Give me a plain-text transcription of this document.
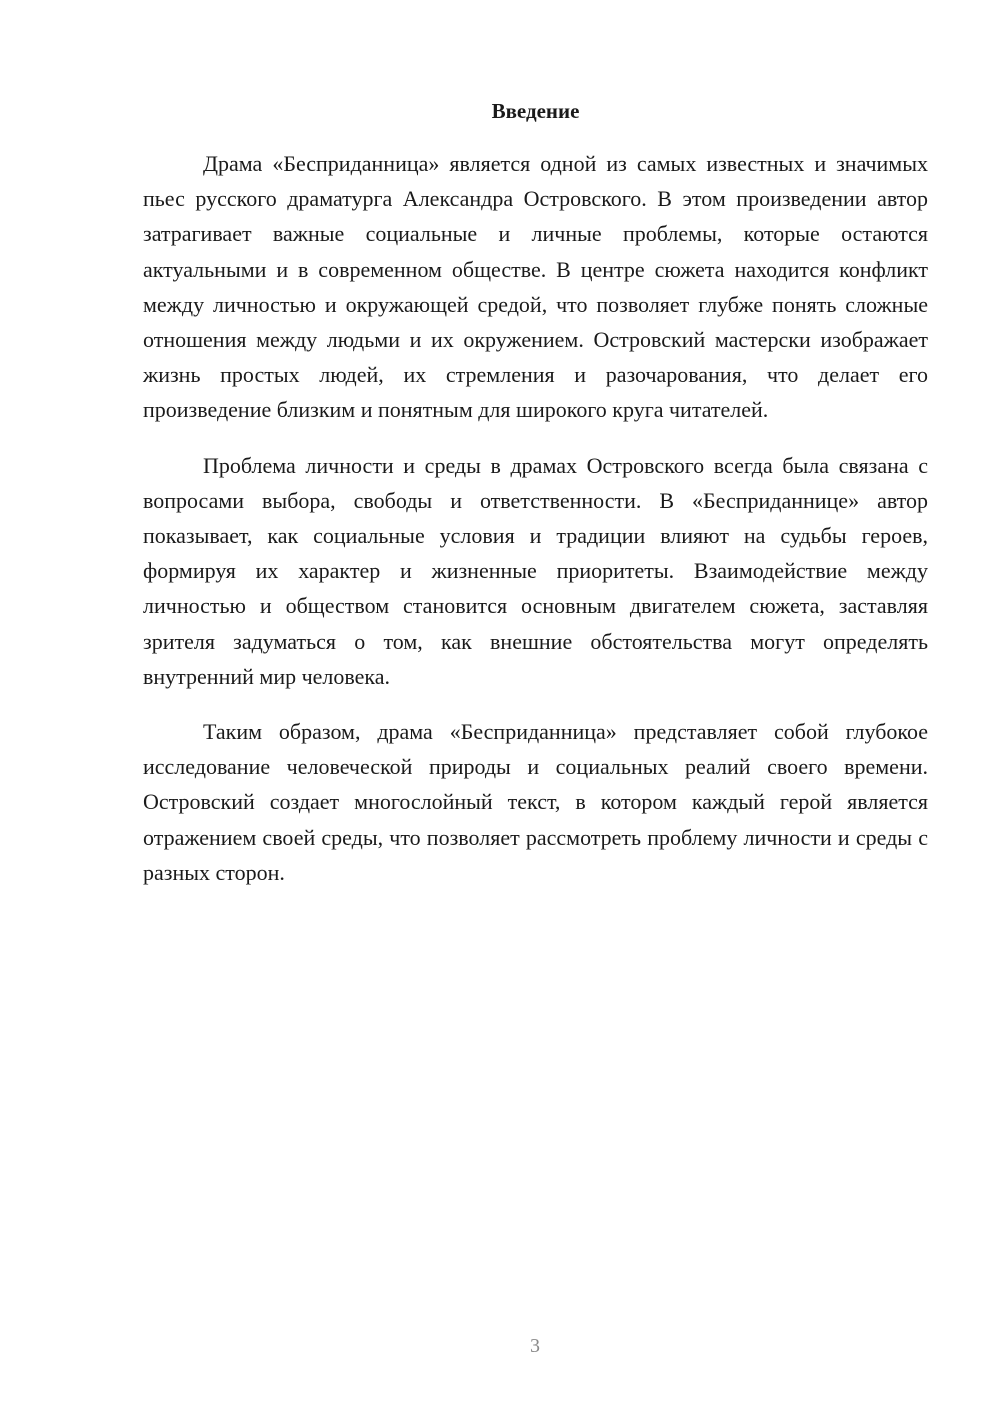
Введение

Драма «Бесприданница» является одной из самых известных и значимых пьес русского драматурга Александра Островского. В этом произведении автор затрагивает важные социальные и личные проблемы, которые остаются актуальными и в современном обществе. В центре сюжета находится конфликт между личностью и окружающей средой, что позволяет глубже понять сложные отношения между людьми и их окружением. Островский мастерски изображает жизнь простых людей, их стремления и разочарования, что делает его произведение близким и понятным для широкого круга читателей.

Проблема личности и среды в драмах Островского всегда была связана с вопросами выбора, свободы и ответственности. В «Бесприданнице» автор показывает, как социальные условия и традиции влияют на судьбы героев, формируя их характер и жизненные приоритеты. Взаимодействие между личностью и обществом становится основным двигателем сюжета, заставляя зрителя задуматься о том, как внешние обстоятельства могут определять внутренний мир человека.

Таким образом, драма «Бесприданница» представляет собой глубокое исследование человеческой природы и социальных реалий своего времени. Островский создает многослойный текст, в котором каждый герой является отражением своей среды, что позволяет рассмотреть проблему личности и среды с разных сторон.

3
